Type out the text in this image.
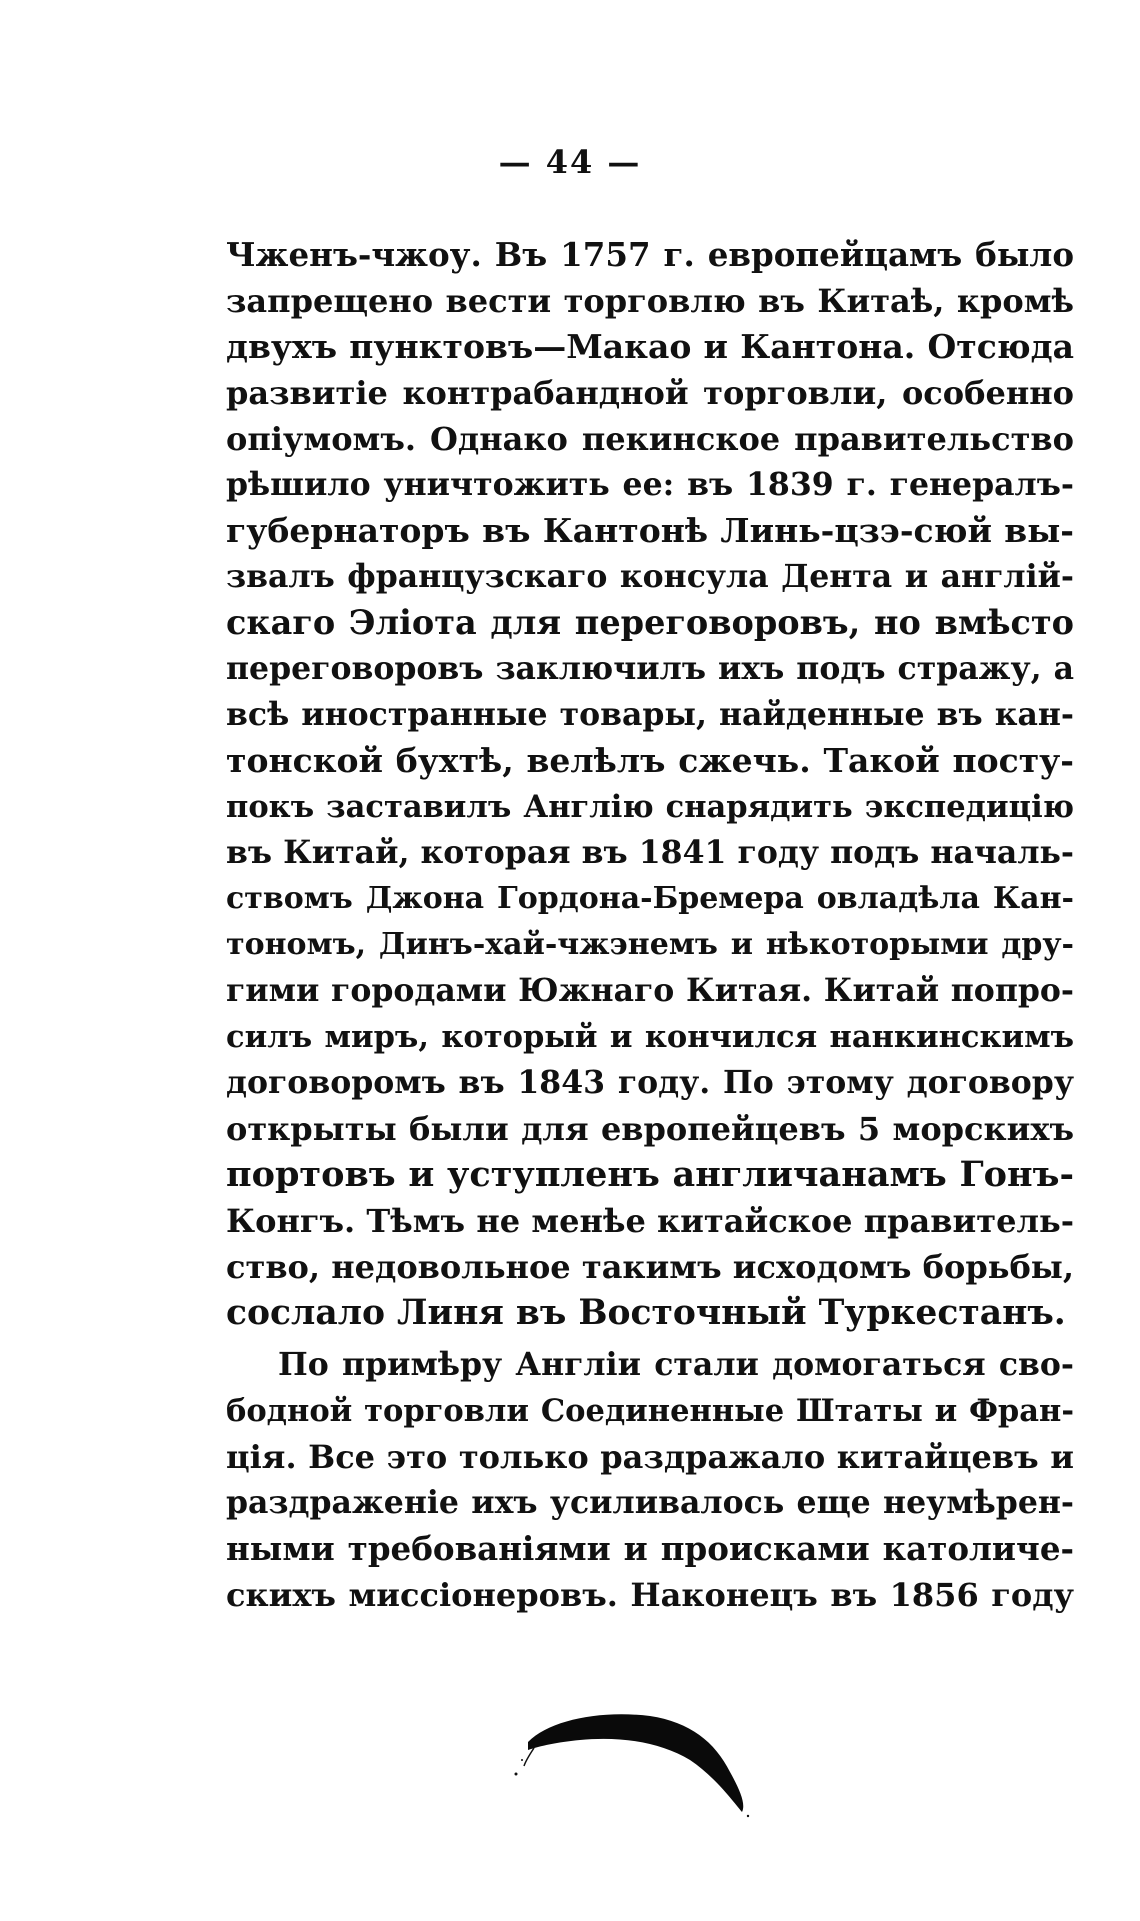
— 44 —
Чженъ-чжоу. Въ 1757 г. европейцамъ было
запрещено вести торговлю въ Китаѣ, кромѣ
двухъ пунктовъ—Макао и Кантона. Отсюда
развитіе контрабандной торговли, особенно
опіумомъ. Однако пекинское правительство
рѣшило уничтожить ее: въ 1839 г. генералъ-
губернаторъ въ Кантонѣ Линь-цзэ-сюй вы-
звалъ французскаго консула Дента и англій-
скаго Эліота для переговоровъ, но вмѣсто
переговоровъ заключилъ ихъ подъ стражу, а
всѣ иностранные товары, найденные въ кан-
тонской бухтѣ, велѣлъ сжечь. Такой посту-
покъ заставилъ Англію снарядить экспедицію
въ Китай, которая въ 1841 году подъ началь-
ствомъ Джона Гордона-Бремера овладѣла Кан-
тономъ, Динъ-хай-чжэнемъ и нѣкоторыми дру-
гими городами Южнаго Китая. Китай попро-
силъ миръ, который и кончился нанкинскимъ
договоромъ въ 1843 году. По этому договору
открыты были для европейцевъ 5 морскихъ
портовъ и уступленъ англичанамъ Гонъ-
Конгъ. Тѣмъ не менѣе китайское правитель-
ство, недовольное такимъ исходомъ борьбы,
сослало Линя въ Восточный Туркестанъ.
По примѣру Англіи стали домогаться сво-
бодной торговли Соединенные Штаты и Фран-
ція. Все это только раздражало китайцевъ и
раздраженіе ихъ усиливалось еще неумѣрен-
ными требованіями и происками католиче-
скихъ миссіонеровъ. Наконецъ въ 1856 году
